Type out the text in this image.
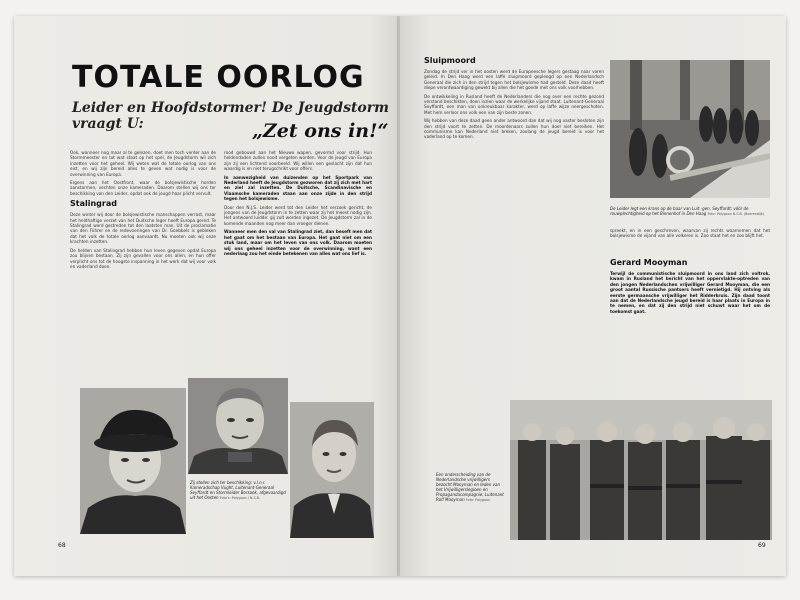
TOTALE OORLOG
Leider en Hoofdstormer! De Jeugdstorm vraagt U:	„Zet ons in!“

Ook, wanneer nog maar al te gelezen, doet men toch verder aan de Stormmeester en tot wat staat op het spel, de Jeugdstorm wil zich inzetten voor het geheel. Wij weten wat de totale oorlog van ons eist, en wij zijn bereid alles te geven wat nodig is voor de overwinning van Europa.

Ergens aan het Oostfront, waar de bolsjewistische horden aanstormen, vechten onze kameraden. Daarom stellen wij ons ter beschikking van den Leider, opdat ook de jeugd haar plicht vervult.

Stalingrad

Deze winter wij door de bolsjewistische manschappen verrast, maar het heldhaftige verzet van het Duitsche leger heeft Europa gered. Te Stalingrad werd gestreden tot den laatsten man. Uit de proclamatie van den Führer en de redevoeringen van Dr. Goebbels is gebleken dat het volk de totale oorlog aanvaardt. Nu moeten ook wij onze krachten inzetten.

De helden van Stalingrad hebben hun leven gegeven opdat Europa zou blijven bestaan. Zij zijn gevallen voor ons allen, en hun offer verplicht ons tot de hoogste inspanning in het werk dat wij voor volk en vaderland doen.

rood gebouwd aan het Nieuwe wapen, gevormd voor strijd. Hun heldendaden zullen nooit vergeten worden. Voor de jeugd van Europa zijn zij een lichtend voorbeeld. Wij willen een geslacht zijn dat hun waardig is en niet terugschrikt voor offers.

In aanwezigheid van duizenden op het Sportpark van Nederland heeft de Jeugdstorm gezworen dat zij zich met hart en ziel zal inzetten. De Duitsche, Scandinavische en Vlaamsche kameraden staan aan onze zijde in den strijd tegen het bolsjewisme.

Door den N.J.S. Leider werd tot den Leider het verzoek gericht, de jongens van de Jeugdstorm in te zetten waar zij het meest nodig zijn. Het antwoord luidde: gij zult worden ingezet. De Jeugdstorm zal in de komende maanden nog meer dan vroeger dienen.

Wanneer men den val van Stalingrad ziet, dan beseft men dat het gaat om het bestaan van Europa. Het gaat niet om een stuk land, maar om het leven van ons volk. Daarom moeten wij ons geheel inzetten voor de overwinning, want een nederlaag zou het einde betekenen van alles wat ons lief is.

Zij stellen zich ter beschikking: v.l.n.r. Kameradschap Vught, Luitenant-Generaal Seyffardt en Stormleider Borsook, afgevaardigd uit het Oosten Foto's: Polygoon / N.S.B.
68
Sluipmoord

Zondag de strijd ver in het oosten werd de Europeesche legers gestaag naar voren geleid. In Den Haag werd een laffe sluipmoord gepleegd op een Nederlandsch Generaal die zich in den strijd tegen het bolsjewisme had gesteld. Deze daad heeft diepe verontwaardiging gewekt bij allen die het goede met ons volk voorhebben.

De ontwikkeling in Rusland heeft de Nederlanders die nog over een rechte gezond verstand beschikten, doen inzien waar de werkelijke vijand staat. Luitenant-Generaal Seyffardt, een man van onkreukbaar karakter, werd op laffe wijze neergeschoten. Met hem verloor ons volk een van zijn beste zonen.

Wij hebben van deze daad geen ander antwoord dan dat wij nog vaster besloten zijn den strijd voort te zetten. De moordenaars zullen hun doel niet bereiken. Het communisme kan Nederland niet breken, zoolang de jeugd bereid is voor het vaderland op te komen.

De Leider legt een krans op de baar van Luit.-gen. Seyffardt; vóór de rouwplechtigheid op het Binnenhof in Den Haag Foto: Polygoon N.S.B. (Boerendijk)

spreekt, en in een geschreven, waarvan zij rechts waarnemen dat het bolsjewisme de vijand van alle volkeren is. Zoo staat het en zoo blijft het.

Gerard Mooyman

Terwijl de communistische sluipmoord in ons land zich voltrok, kwam in Rusland het bericht van het oppervlakte-optreden van den jongen Nederlandschen vrijwilliger Gerard Mooyman, die een groot aantal Russische pantsers heeft vernietigd. Hij ontving als eerste germaansche vrijwilliger het Ridderkruis. Zijn daad toont aan dat de Nederlandsche jeugd bereid is haar plaats in Europa in te nemen, en dat zij den strijd niet schuwt waar het om de toekomst gaat.

Een onderscheiding van de Nederlandsche vrijwilligers bezocht Mooyman en leden van het Vrijwilligerslegioen en Propagandacompagnie; Luitenant Rolf Mooyman Foto: Polygoon
69
